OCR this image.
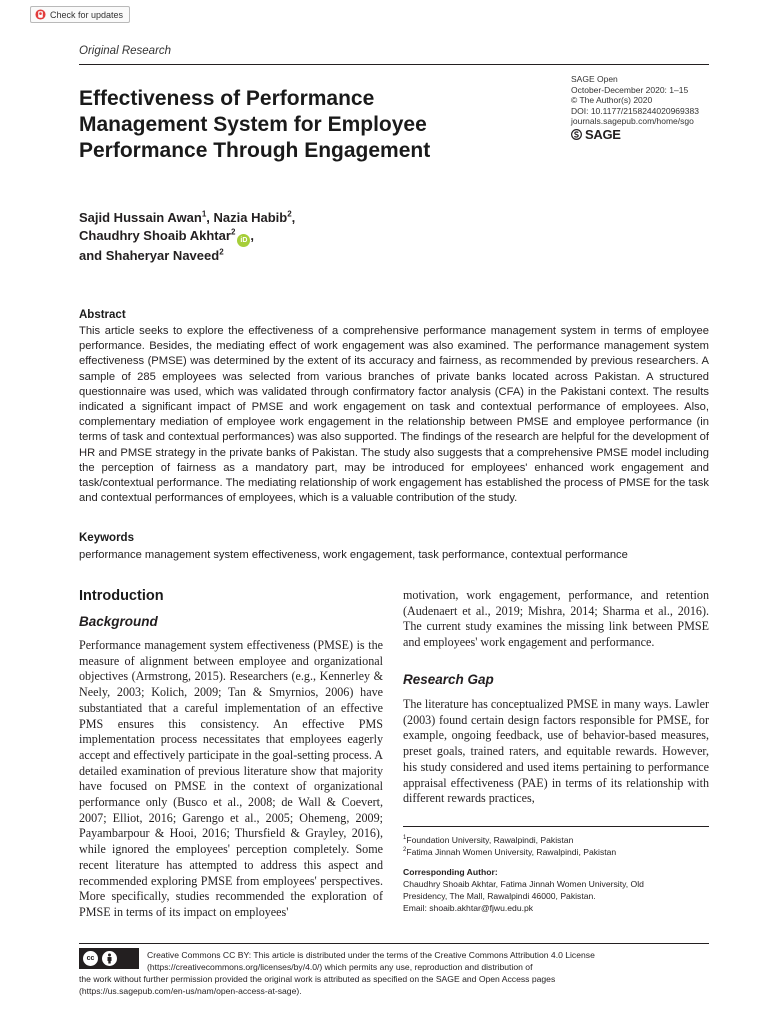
Check for updates
Original Research
Effectiveness of Performance Management System for Employee Performance Through Engagement
SAGE Open
October-December 2020: 1–15
© The Author(s) 2020
DOI: 10.1177/2158244020969383
journals.sagepub.com/home/sgo
SAGE
Sajid Hussain Awan$^1$, Nazia Habib$^2$,
Chaudhry Shoaib Akhtar$^2$iD ,
and Shaheryar Naveed$^2$
Abstract

This article seeks to explore the effectiveness of a comprehensive performance management system in terms of employee performance. Besides, the mediating effect of work engagement was also examined. The performance management system effectiveness (PMSE) was determined by the extent of its accuracy and fairness, as recommended by previous researchers. A sample of 285 employees was selected from various branches of private banks located across Pakistan. A structured questionnaire was used, which was validated through confirmatory factor analysis (CFA) in the Pakistani context. The results indicated a significant impact of PMSE and work engagement on task and contextual performance of employees. Also, complementary mediation of employee work engagement in the relationship between PMSE and employee performance (in terms of task and contextual performances) was also supported. The findings of the research are helpful for the development of HR and PMSE strategy in the private banks of Pakistan. The study also suggests that a comprehensive PMSE model including the perception of fairness as a mandatory part, may be introduced for employees' enhanced work engagement and task/contextual performance. The mediating relationship of work engagement has established the process of PMSE for the task and contextual performances of employees, which is a valuable contribution of the study.

Keywords

performance management system effectiveness, work engagement, task performance, contextual performance

Introduction
Background

Performance management system effectiveness (PMSE) is the measure of alignment between employee and organizational objectives (Armstrong, 2015). Researchers (e.g., Kennerley & Neely, 2003; Kolich, 2009; Tan & Smyrnios, 2006) have substantiated that a careful implementation of an effective PMS ensures this consistency. An effective PMS implementation process necessitates that employees eagerly accept and effectively participate in the goal-setting process. A detailed examination of previous literature show that majority have focused on PMSE in the context of organizational performance only (Busco et al., 2008; de Wall & Coevert, 2007; Elliot, 2016; Garengo et al., 2005; Ohemeng, 2009; Payambarpour & Hooi, 2016; Thursfield & Grayley, 2016), while ignored the employees' perception completely. Some recent literature has attempted to address this aspect and recommended exploring PMSE from employees' perspectives. More specifically, studies recommended the exploration of PMSE in terms of its impact on employees'

motivation, work engagement, performance, and retention (Audenaert et al., 2019; Mishra, 2014; Sharma et al., 2016). The current study examines the missing link between PMSE and employees' work engagement and performance.

Research Gap

The literature has conceptualized PMSE in many ways. Lawler (2003) found certain design factors responsible for PMSE, for example, ongoing feedback, use of behavior-based measures, preset goals, trained raters, and equitable rewards. However, his study considered and used items pertaining to performance appraisal effectiveness (PAE) in terms of its relationship with different rewards practices,

$^1$Foundation University, Rawalpindi, Pakistan
$^2$Fatima Jinnah Women University, Rawalpindi, Pakistan
Corresponding Author:
Chaudhry Shoaib Akhtar, Fatima Jinnah Women University, Old
Presidency, The Mall, Rawalpindi 46000, Pakistan.
Email: shoaib.akhtar@fjwu.edu.pk
cc	Creative Commons CC BY: This article is distributed under the terms of the Creative Commons Attribution 4.0 License
(https://creativecommons.org/licenses/by/4.0/) which permits any use, reproduction and distribution of
the work without further permission provided the original work is attributed as specified on the SAGE and Open Access pages
(https://us.sagepub.com/en-us/nam/open-access-at-sage).
